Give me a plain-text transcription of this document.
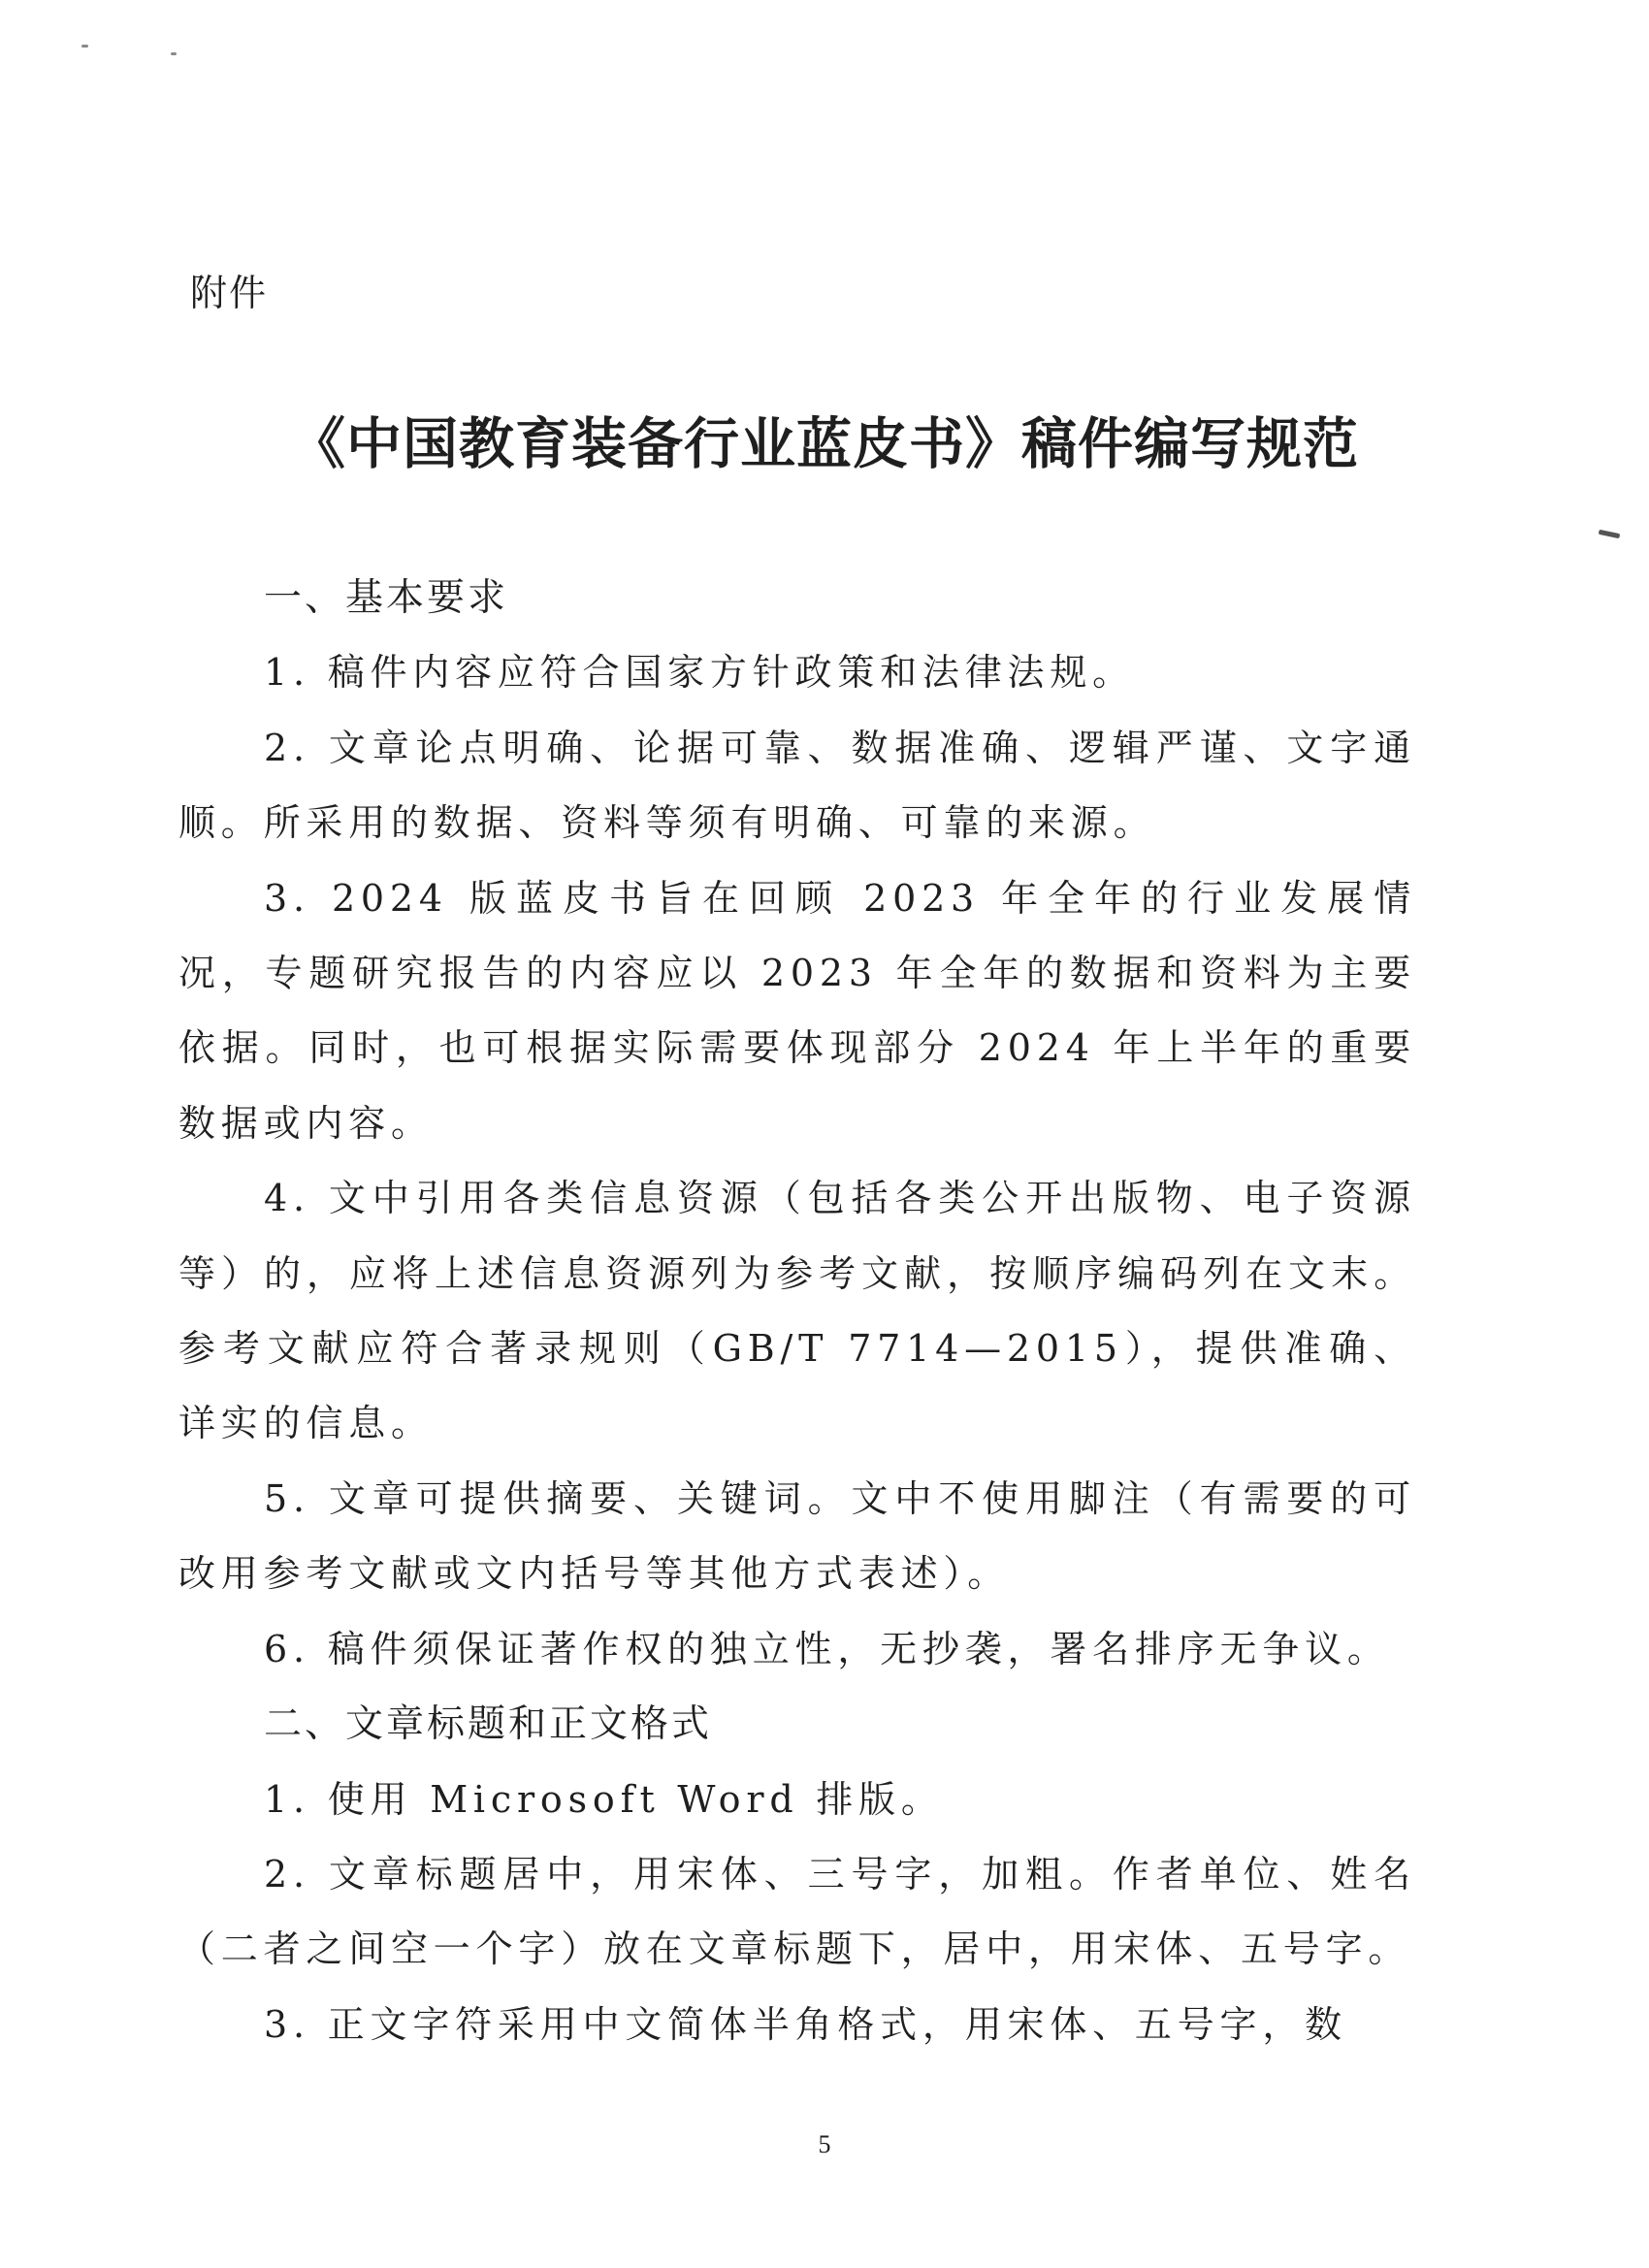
附件
《中国教育装备行业蓝皮书》稿件编写规范

一、基本要求

1. 稿件内容应符合国家方针政策和法律法规。

2. 文章论点明确、论据可靠、数据准确、逻辑严谨、文字通顺。所采用的数据、资料等须有明确、可靠的来源。

3. 2024 版蓝皮书旨在回顾 2023 年全年的行业发展情况，专题研究报告的内容应以 2023 年全年的数据和资料为主要依据。同时，也可根据实际需要体现部分 2024 年上半年的重要数据或内容。

4. 文中引用各类信息资源（包括各类公开出版物、电子资源等）的，应将上述信息资源列为参考文献，按顺序编码列在文末。参考文献应符合著录规则（GB/T 7714—2015），提供准确、详实的信息。

5. 文章可提供摘要、关键词。文中不使用脚注（有需要的可改用参考文献或文内括号等其他方式表述）。

6. 稿件须保证著作权的独立性，无抄袭，署名排序无争议。

二、文章标题和正文格式

1. 使用 Microsoft Word 排版。

2. 文章标题居中，用宋体、三号字，加粗。作者单位、姓名（二者之间空一个字）放在文章标题下，居中，用宋体、五号字。

3. 正文字符采用中文简体半角格式，用宋体、五号字，数

5
